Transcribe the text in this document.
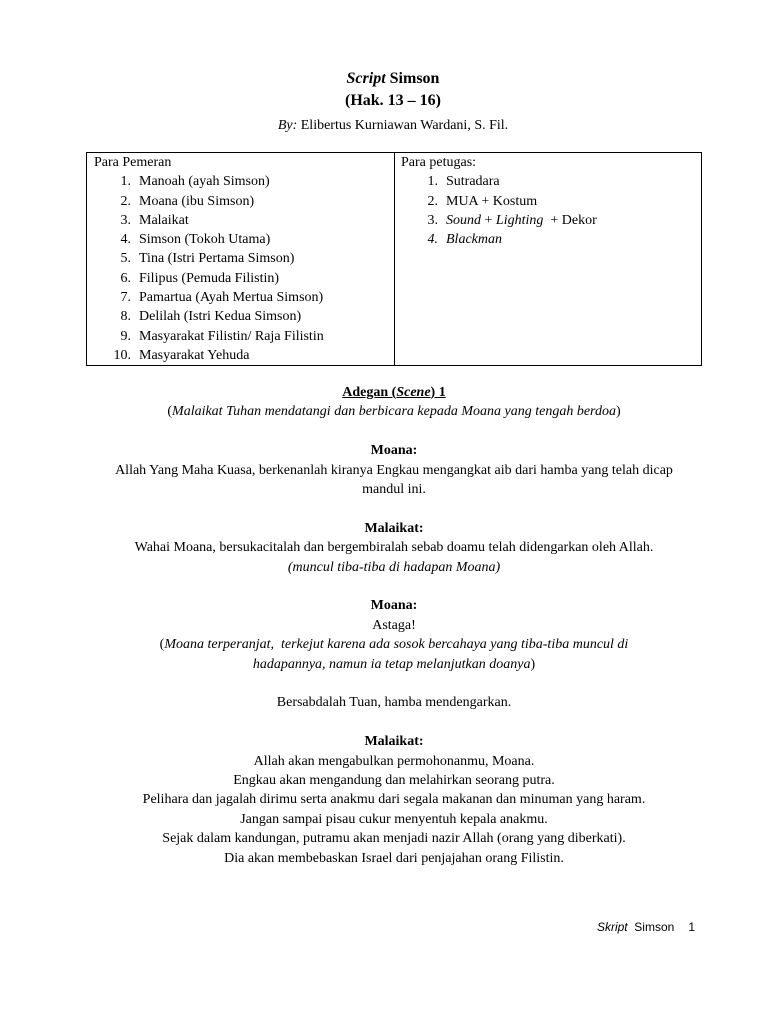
Script Simson
(Hak. 13 – 16)
By: Elibertus Kurniawan Wardani, S. Fil.
Para Pemeran
1. Manoah (ayah Simson)
2. Moana (ibu Simson)
3. Malaikat
4. Simson (Tokoh Utama)
5. Tina (Istri Pertama Simson)
6. Filipus (Pemuda Filistin)
7. Pamartua (Ayah Mertua Simson)
8. Delilah (Istri Kedua Simson)
9. Masyarakat Filistin/ Raja Filistin
10. Masyarakat Yehuda
Para petugas:
1. Sutradara
2. MUA + Kostum
3. Sound + Lighting  + Dekor
4. Blackman

Adegan (Scene) 1

(Malaikat Tuhan mendatangi dan berbicara kepada Moana yang tengah berdoa)

Moana:

Allah Yang Maha Kuasa, berkenanlah kiranya Engkau mengangkat aib dari hamba yang telah dicap mandul ini.

Malaikat:

Wahai Moana, bersukacitalah dan bergembiralah sebab doamu telah didengarkan oleh Allah.

(muncul tiba-tiba di hadapan Moana)

Moana:

Astaga!

(Moana terperanjat,  terkejut karena ada sosok bercahaya yang tiba-tiba muncul di hadapannya, namun ia tetap melanjutkan doanya)

Bersabdalah Tuan, hamba mendengarkan.

Malaikat:

Allah akan mengabulkan permohonanmu, Moana.

Engkau akan mengandung dan melahirkan seorang putra.

Pelihara dan jagalah dirimu serta anakmu dari segala makanan dan minuman yang haram.

Jangan sampai pisau cukur menyentuh kepala anakmu.

Sejak dalam kandungan, putramu akan menjadi nazir Allah (orang yang diberkati).

Dia akan membebaskan Israel dari penjajahan orang Filistin.

Skript  Simson 1
